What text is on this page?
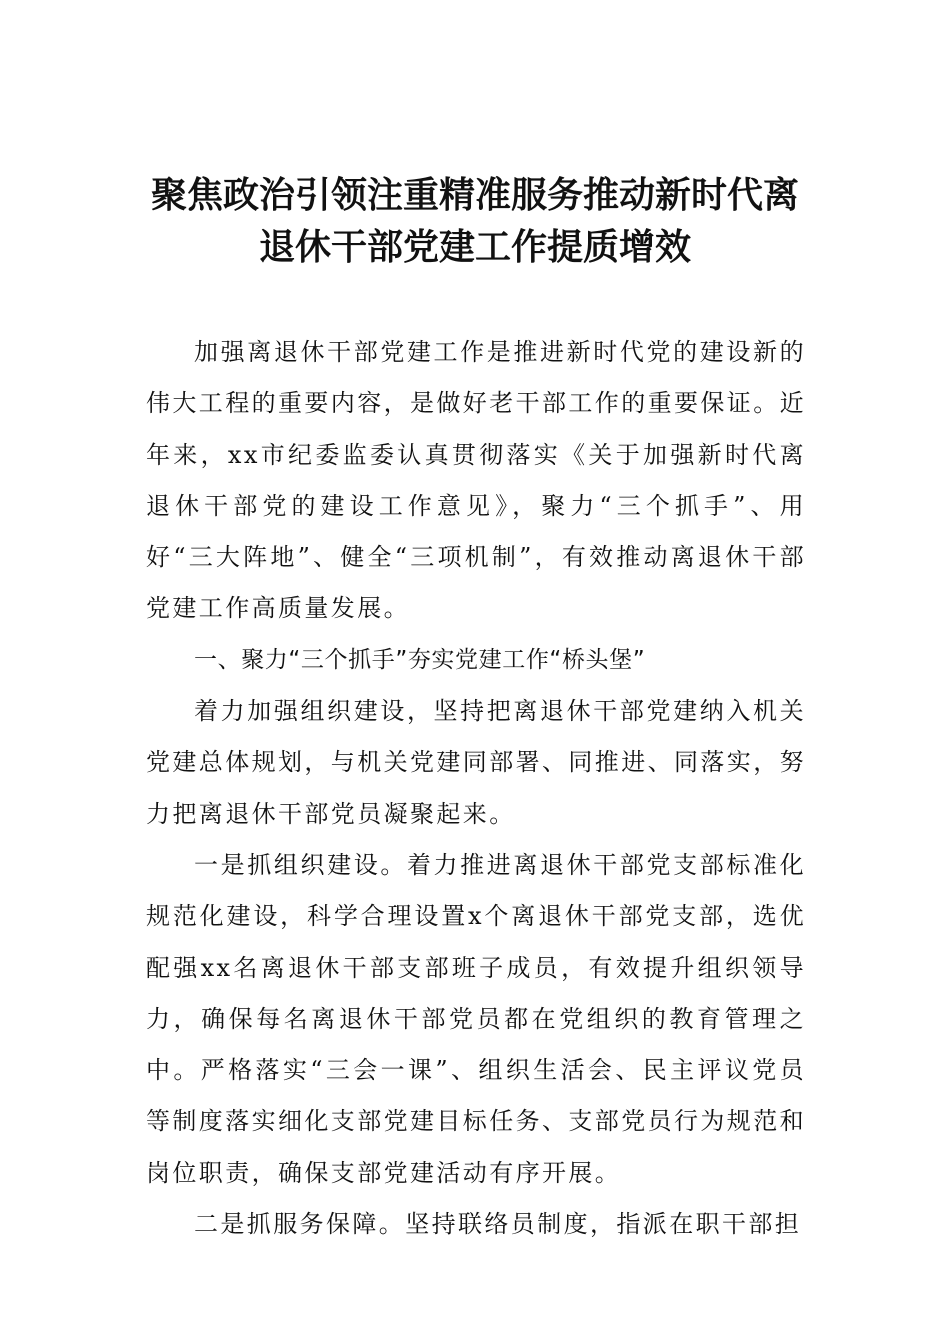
聚焦政治引领注重精准服务推动新时代离
退休干部党建工作提质增效

加强离退休干部党建工作是推进新时代党的建设新的伟大工程的重要内容，是做好老干部工作的重要保证。近年来，xx市纪委监委认真贯彻落实《关于加强新时代离退休干部党的建设工作意见》，聚力“三个抓手”、用好“三大阵地”、健全“三项机制”，有效推动离退休干部党建工作高质量发展。

一、聚力“三个抓手”夯实党建工作“桥头堡”

着力加强组织建设，坚持把离退休干部党建纳入机关党建总体规划，与机关党建同部署、同推进、同落实，努力把离退休干部党员凝聚起来。

一是抓组织建设。着力推进离退休干部党支部标准化规范化建设，科学合理设置x个离退休干部党支部，选优配强xx名离退休干部支部班子成员，有效提升组织领导力，确保每名离退休干部党员都在党组织的教育管理之中。严格落实“三会一课”、组织生活会、民主评议党员等制度落实细化支部党建目标任务、支部党员行为规范和岗位职责，确保支部党建活动有序开展。

二是抓服务保障。坚持联络员制度，指派在职干部担
